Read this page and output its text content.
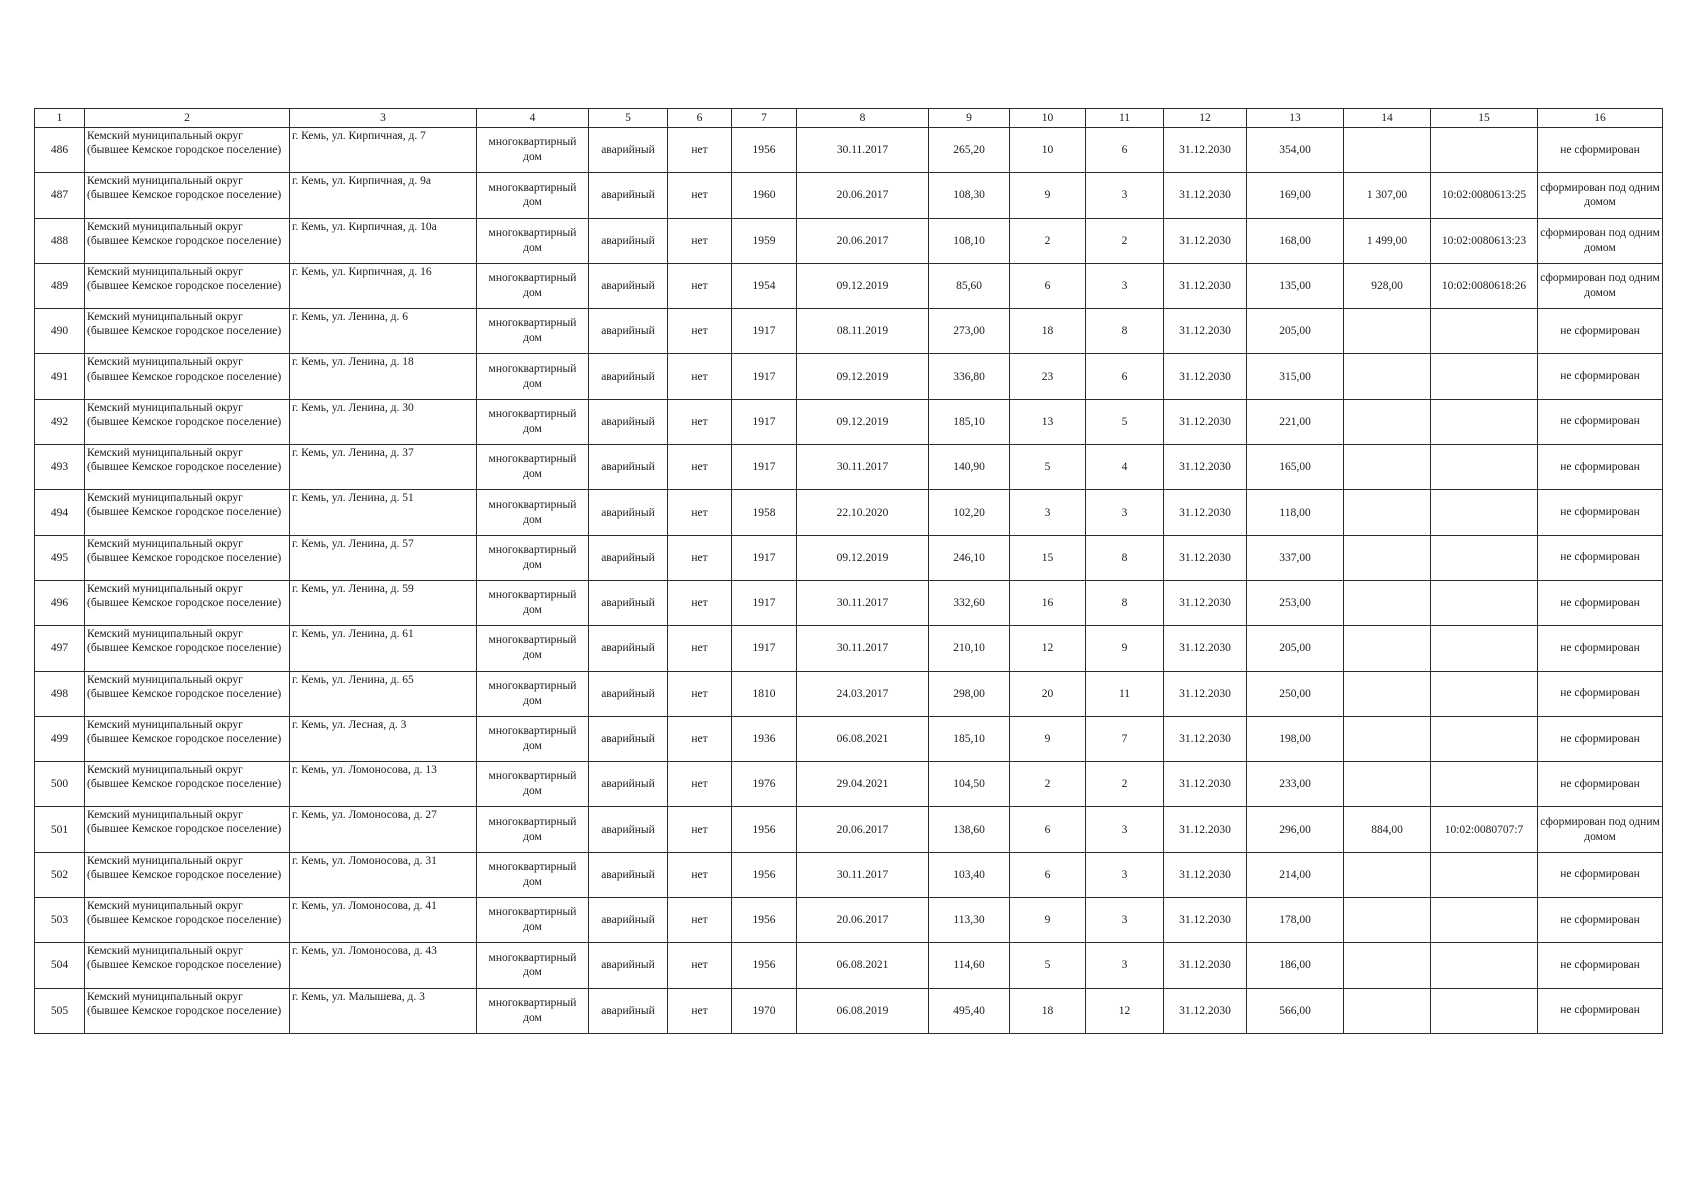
1	2	3	4	5	6	7	8	9	10	11	12	13	14	15	16
486	Кемский муниципальный округ (бывшее Кемское городское поселение)	г. Кемь, ул. Кирпичная, д. 7	многоквартирный дом	аварийный	нет	1956	30.11.2017	265,20	10	6	31.12.2030	354,00			не сформирован
487	Кемский муниципальный округ (бывшее Кемское городское поселение)	г. Кемь, ул. Кирпичная, д. 9а	многоквартирный дом	аварийный	нет	1960	20.06.2017	108,30	9	3	31.12.2030	169,00	1 307,00	10:02:0080613:25	сформирован под одним домом
488	Кемский муниципальный округ (бывшее Кемское городское поселение)	г. Кемь, ул. Кирпичная, д. 10а	многоквартирный дом	аварийный	нет	1959	20.06.2017	108,10	2	2	31.12.2030	168,00	1 499,00	10:02:0080613:23	сформирован под одним домом
489	Кемский муниципальный округ (бывшее Кемское городское поселение)	г. Кемь, ул. Кирпичная, д. 16	многоквартирный дом	аварийный	нет	1954	09.12.2019	85,60	6	3	31.12.2030	135,00	928,00	10:02:0080618:26	сформирован под одним домом
490	Кемский муниципальный округ (бывшее Кемское городское поселение)	г. Кемь, ул. Ленина, д. 6	многоквартирный дом	аварийный	нет	1917	08.11.2019	273,00	18	8	31.12.2030	205,00			не сформирован
491	Кемский муниципальный округ (бывшее Кемское городское поселение)	г. Кемь, ул. Ленина, д. 18	многоквартирный дом	аварийный	нет	1917	09.12.2019	336,80	23	6	31.12.2030	315,00			не сформирован
492	Кемский муниципальный округ (бывшее Кемское городское поселение)	г. Кемь, ул. Ленина, д. 30	многоквартирный дом	аварийный	нет	1917	09.12.2019	185,10	13	5	31.12.2030	221,00			не сформирован
493	Кемский муниципальный округ (бывшее Кемское городское поселение)	г. Кемь, ул. Ленина, д. 37	многоквартирный дом	аварийный	нет	1917	30.11.2017	140,90	5	4	31.12.2030	165,00			не сформирован
494	Кемский муниципальный округ (бывшее Кемское городское поселение)	г. Кемь, ул. Ленина, д. 51	многоквартирный дом	аварийный	нет	1958	22.10.2020	102,20	3	3	31.12.2030	118,00			не сформирован
495	Кемский муниципальный округ (бывшее Кемское городское поселение)	г. Кемь, ул. Ленина, д. 57	многоквартирный дом	аварийный	нет	1917	09.12.2019	246,10	15	8	31.12.2030	337,00			не сформирован
496	Кемский муниципальный округ (бывшее Кемское городское поселение)	г. Кемь, ул. Ленина, д. 59	многоквартирный дом	аварийный	нет	1917	30.11.2017	332,60	16	8	31.12.2030	253,00			не сформирован
497	Кемский муниципальный округ (бывшее Кемское городское поселение)	г. Кемь, ул. Ленина, д. 61	многоквартирный дом	аварийный	нет	1917	30.11.2017	210,10	12	9	31.12.2030	205,00			не сформирован
498	Кемский муниципальный округ (бывшее Кемское городское поселение)	г. Кемь, ул. Ленина, д. 65	многоквартирный дом	аварийный	нет	1810	24.03.2017	298,00	20	11	31.12.2030	250,00			не сформирован
499	Кемский муниципальный округ (бывшее Кемское городское поселение)	г. Кемь, ул. Лесная, д. 3	многоквартирный дом	аварийный	нет	1936	06.08.2021	185,10	9	7	31.12.2030	198,00			не сформирован
500	Кемский муниципальный округ (бывшее Кемское городское поселение)	г. Кемь, ул. Ломоносова, д. 13	многоквартирный дом	аварийный	нет	1976	29.04.2021	104,50	2	2	31.12.2030	233,00			не сформирован
501	Кемский муниципальный округ (бывшее Кемское городское поселение)	г. Кемь, ул. Ломоносова, д. 27	многоквартирный дом	аварийный	нет	1956	20.06.2017	138,60	6	3	31.12.2030	296,00	884,00	10:02:0080707:7	сформирован под одним домом
502	Кемский муниципальный округ (бывшее Кемское городское поселение)	г. Кемь, ул. Ломоносова, д. 31	многоквартирный дом	аварийный	нет	1956	30.11.2017	103,40	6	3	31.12.2030	214,00			не сформирован
503	Кемский муниципальный округ (бывшее Кемское городское поселение)	г. Кемь, ул. Ломоносова, д. 41	многоквартирный дом	аварийный	нет	1956	20.06.2017	113,30	9	3	31.12.2030	178,00			не сформирован
504	Кемский муниципальный округ (бывшее Кемское городское поселение)	г. Кемь, ул. Ломоносова, д. 43	многоквартирный дом	аварийный	нет	1956	06.08.2021	114,60	5	3	31.12.2030	186,00			не сформирован
505	Кемский муниципальный округ (бывшее Кемское городское поселение)	г. Кемь, ул. Малышева, д. 3	многоквартирный дом	аварийный	нет	1970	06.08.2019	495,40	18	12	31.12.2030	566,00			не сформирован
